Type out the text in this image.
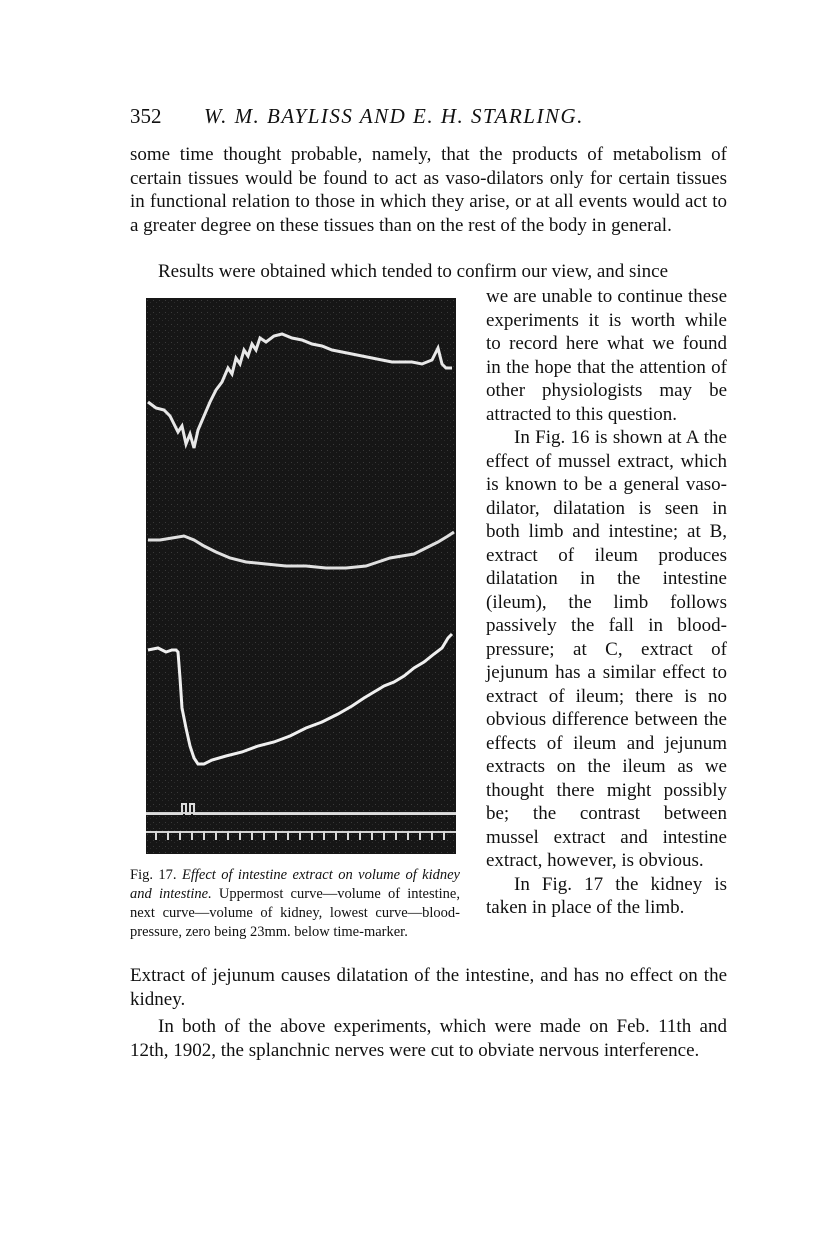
352 W. M. BAYLISS AND E. H. STARLING.

some time thought probable, namely, that the products of metabolism of certain tissues would be found to act as vaso-dilators only for certain tissues in functional relation to those in which they arise, or at all events would act to a greater degree on these tissues than on the rest of the body in general.

Results were obtained which tended to confirm our view, and since

we are unable to continue these experiments it is worth while to record here what we found in the hope that the attention of other physiologists may be attracted to this question.

In Fig. 16 is shown at A the effect of mussel extract, which is known to be a general vaso-dilator, dilatation is seen in both limb and intestine; at B, extract of ileum produces dilatation in the intestine (ileum), the limb follows passively the fall in blood-pressure; at C, extract of jejunum has a similar effect to extract of ileum; there is no obvious difference between the effects of ileum and jejunum extracts on the ileum as we thought there might possibly be; the contrast between mussel extract and intestine extract, however, is obvious.

In Fig. 17 the kidney is taken in place of the limb.

Fig. 17. Effect of intestine extract on volume of kidney and intestine. Uppermost curve—volume of intestine, next curve—volume of kidney, lowest curve—blood-pressure, zero being 23mm. below time-marker.

Extract of jejunum causes dilatation of the intestine, and has no effect on the kidney.

In both of the above experiments, which were made on Feb. 11th and 12th, 1902, the splanchnic nerves were cut to obviate nervous interference.
